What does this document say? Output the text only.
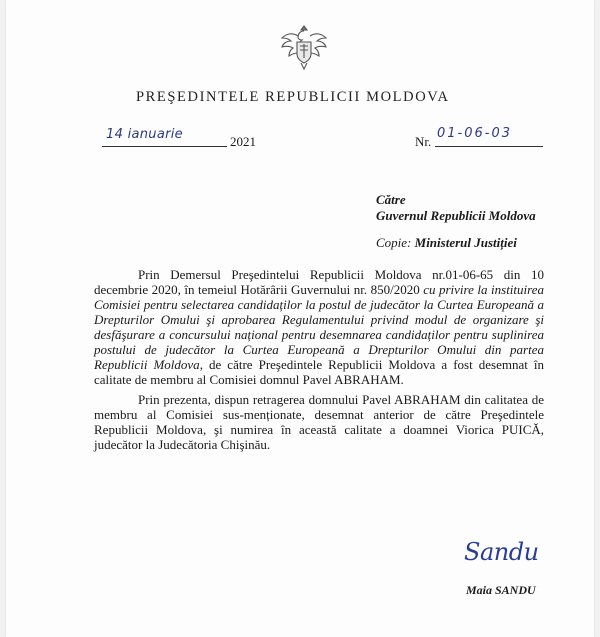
PREŞEDINTELE REPUBLICII MOLDOVA
14 ianuarie	2021	Nr.
01-06-03
Către
Guvernul Republicii Moldova
Copie: Ministerul Justiției

Prin Demersul Preşedintelui Republicii Moldova nr.01-06-65 din 10 decembrie 2020, în temeiul Hotărârii Guvernului nr. 850/2020 cu privire la instituirea Comisiei pentru selectarea candidaților la postul de judecător la Curtea Europeană a Drepturilor Omului şi aprobarea Regulamentului privind modul de organizare şi desfăşurare a concursului național pentru desemnarea candidaților pentru suplinirea postului de judecător la Curtea Europeană a Drepturilor Omului din partea Republicii Moldova, de către Preşedintele Republicii Moldova a fost desemnat în calitate de membru al Comisiei domnul Pavel ABRAHAM.

Prin prezenta, dispun retragerea domnului Pavel ABRAHAM din calitatea de membru al Comisiei sus-menționate, desemnat anterior de către Preşedintele Republicii Moldova, şi numirea în această calitate a doamnei Viorica PUICĂ, judecător la Judecătoria Chişinău.

Sandu
Maia SANDU
